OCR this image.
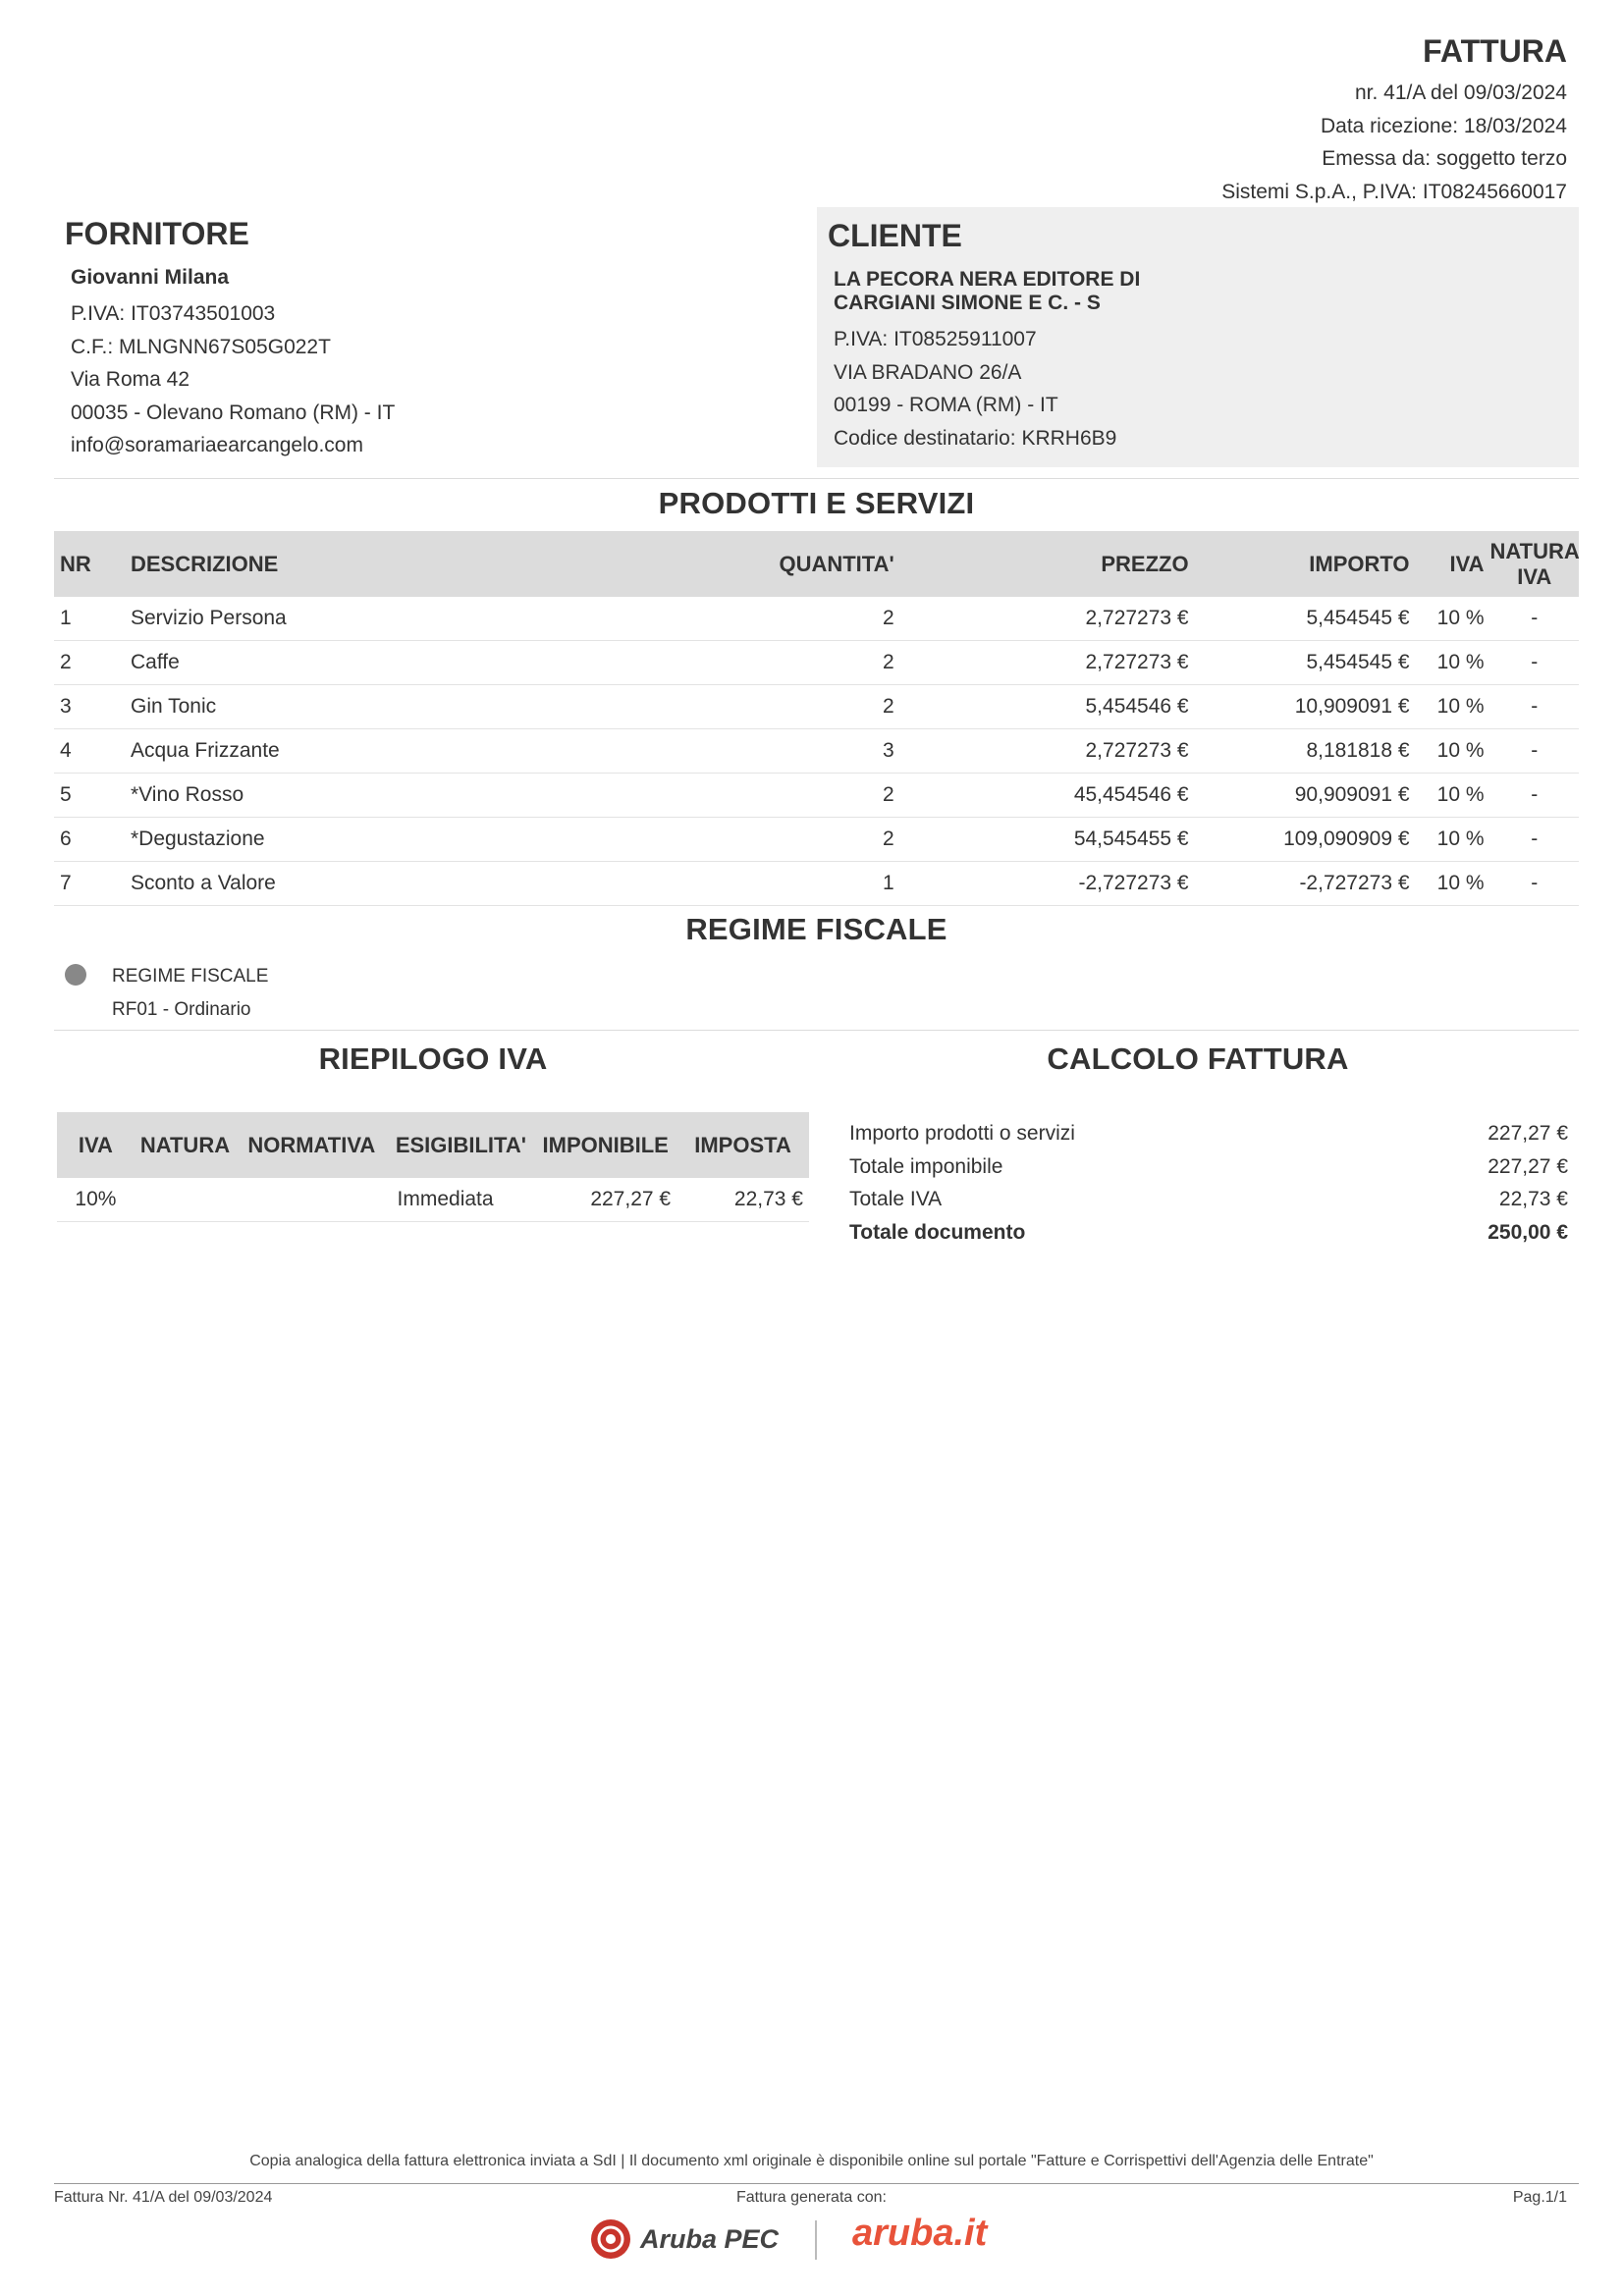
FATTURA
nr. 41/A del 09/03/2024
Data ricezione: 18/03/2024
Emessa da: soggetto terzo
Sistemi S.p.A., P.IVA: IT08245660017
FORNITORE
Giovanni Milana
P.IVA: IT03743501003
C.F.: MLNGNN67S05G022T
Via Roma 42
00035 - Olevano Romano (RM) - IT
info@soramariaearcangelo.com
CLIENTE
LA PECORA NERA EDITORE DI
CARGIANI SIMONE E C. - S
P.IVA: IT08525911007
VIA BRADANO 26/A
00199 - ROMA (RM) - IT
Codice destinatario: KRRH6B9
PRODOTTI E SERVIZI
NR	DESCRIZIONE	QUANTITA'	PREZZO	IMPORTO	IVA	NATURA IVA
1	Servizio Persona	2	2,727273 €	5,454545 €	10 %	-
2	Caffe	2	2,727273 €	5,454545 €	10 %	-
3	Gin Tonic	2	5,454546 €	10,909091 €	10 %	-
4	Acqua Frizzante	3	2,727273 €	8,181818 €	10 %	-
5	*Vino Rosso	2	45,454546 €	90,909091 €	10 %	-
6	*Degustazione	2	54,545455 €	109,090909 €	10 %	-
7	Sconto a Valore	1	-2,727273 €	-2,727273 €	10 %	-
REGIME FISCALE
REGIME FISCALE
RF01 - Ordinario
RIEPILOGO IVA
IVA	NATURA	NORMATIVA	ESIGIBILITA'	IMPONIBILE	IMPOSTA
10%			Immediata	227,27 €	22,73 €
CALCOLO FATTURA
Importo prodotti o servizi	227,27 €
Totale imponibile	227,27 €
Totale IVA	22,73 €
Totale documento	250,00 €
Copia analogica della fattura elettronica inviata a SdI | Il documento xml originale è disponibile online sul portale "Fatture e Corrispettivi dell'Agenzia delle Entrate"
Fattura Nr. 41/A del 09/03/2024	Fattura generata con:	Pag.1/1
Aruba PEC aruba.it
